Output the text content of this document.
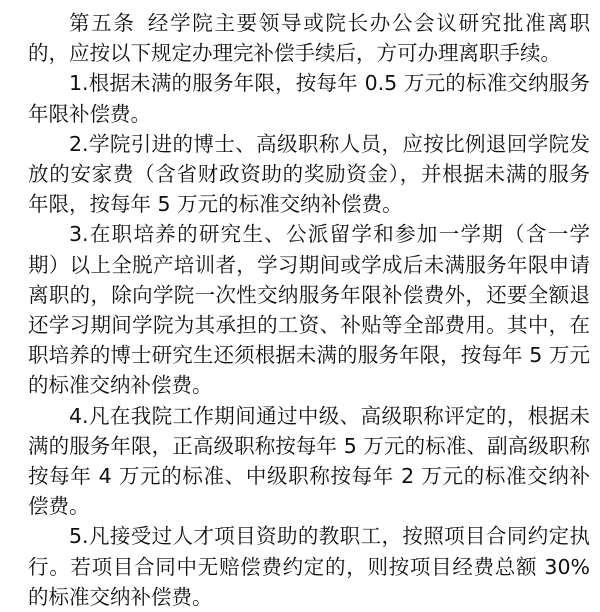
第五条 经学院主要领导或院长办公会议研究批准离职的，应按以下规定办理完补偿手续后，方可办理离职手续。

1.根据未满的服务年限，按每年 0.5 万元的标准交纳服务年限补偿费。

2.学院引进的博士、高级职称人员，应按比例退回学院发放的安家费（含省财政资助的奖励资金），并根据未满的服务年限，按每年 5 万元的标准交纳补偿费。

3.在职培养的研究生、公派留学和参加一学期（含一学期）以上全脱产培训者，学习期间或学成后未满服务年限申请离职的，除向学院一次性交纳服务年限补偿费外，还要全额退还学习期间学院为其承担的工资、补贴等全部费用。其中，在职培养的博士研究生还须根据未满的服务年限，按每年 5 万元的标准交纳补偿费。

4.凡在我院工作期间通过中级、高级职称评定的，根据未满的服务年限，正高级职称按每年 5 万元的标准、副高级职称按每年 4 万元的标准、中级职称按每年 2 万元的标准交纳补偿费。

5.凡接受过人才项目资助的教职工，按照项目合同约定执行。若项目合同中无赔偿费约定的，则按项目经费总额 30%的标准交纳补偿费。
